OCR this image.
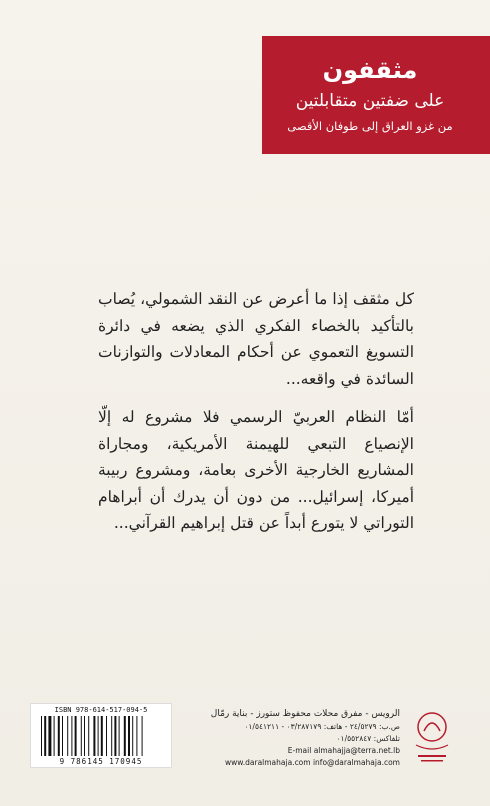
مثقفون
على ضفتين متقابلتين
من غزو العراق إلى طوفان الأقصى

كل مثقف إذا ما أعرض عن النقد الشمولي، يُصاب بالتأكيد بالخصاء الفكري الذي يضعه في دائرة التسويغ التعموي عن أحكام المعادلات والتوازنات السائدة في واقعه...

أمّا النظام العربيّ الرسمي فلا مشروع له إلّا الإنصياع التبعي للهيمنة الأمريكية، ومجاراة المشاريع الخارجية الأخرى بعامة، ومشروع ربيبة أميركا، إسرائيل... من دون أن يدرك أن أبراهام التوراتي لا يتورع أبداً عن قتل إبراهيم القرآني...

ISBN 978-614-517-094-5
9 786145 170945
الرويس - مفرق محلات محفوظ ستورز - بناية رمّال
ص.ب: ٢٤/٥٢٧٩ - هاتف: ٠٣/٢٨٧١٧٩ - ٠١/٥٤١٢١١
تلفاكس: ٠١/٥٥٢٨٤٧
E-mail almahajja@terra.net.lb
www.daralmahaja.com info@daralmahaja.com
